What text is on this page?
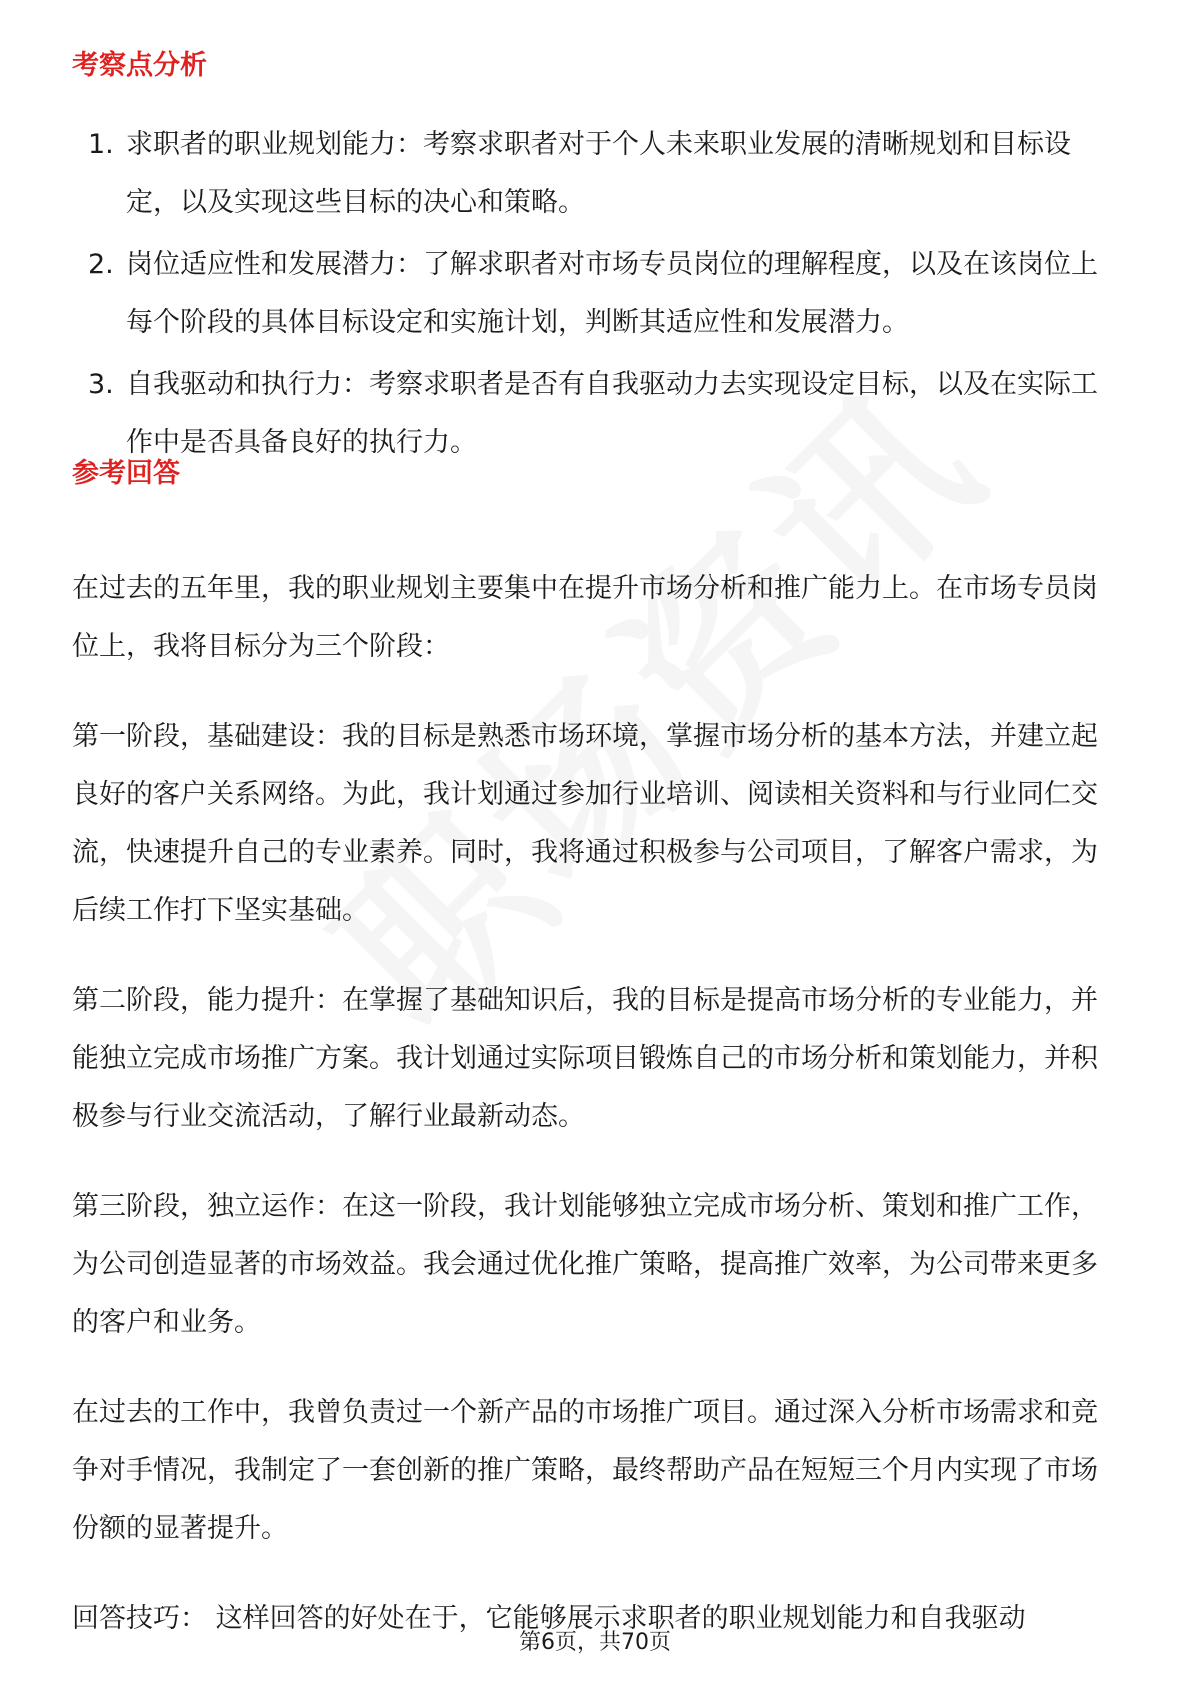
考察点分析
1. 求职者的职业规划能力：考察求职者对于个人未来职业发展的清晰规划和目标设定，以及实现这些目标的决心和策略。
2. 岗位适应性和发展潜力：了解求职者对市场专员岗位的理解程度，以及在该岗位上每个阶段的具体目标设定和实施计划，判断其适应性和发展潜力。
3. 自我驱动和执行力：考察求职者是否有自我驱动力去实现设定目标，以及在实际工作中是否具备良好的执行力。
参考回答

在过去的五年里，我的职业规划主要集中在提升市场分析和推广能力上。在市场专员岗位上，我将目标分为三个阶段：

第一阶段，基础建设：我的目标是熟悉市场环境，掌握市场分析的基本方法，并建立起良好的客户关系网络。为此，我计划通过参加行业培训、阅读相关资料和与行业同仁交流，快速提升自己的专业素养。同时，我将通过积极参与公司项目，了解客户需求，为后续工作打下坚实基础。

第二阶段，能力提升：在掌握了基础知识后，我的目标是提高市场分析的专业能力，并能独立完成市场推广方案。我计划通过实际项目锻炼自己的市场分析和策划能力，并积极参与行业交流活动，了解行业最新动态。

第三阶段，独立运作：在这一阶段，我计划能够独立完成市场分析、策划和推广工作，为公司创造显著的市场效益。我会通过优化推广策略，提高推广效率，为公司带来更多的客户和业务。

在过去的工作中，我曾负责过一个新产品的市场推广项目。通过深入分析市场需求和竞争对手情况，我制定了一套创新的推广策略，最终帮助产品在短短三个月内实现了市场份额的显著提升。

回答技巧： 这样回答的好处在于，它能够展示求职者的职业规划能力和自我驱动

第6页，共70页
